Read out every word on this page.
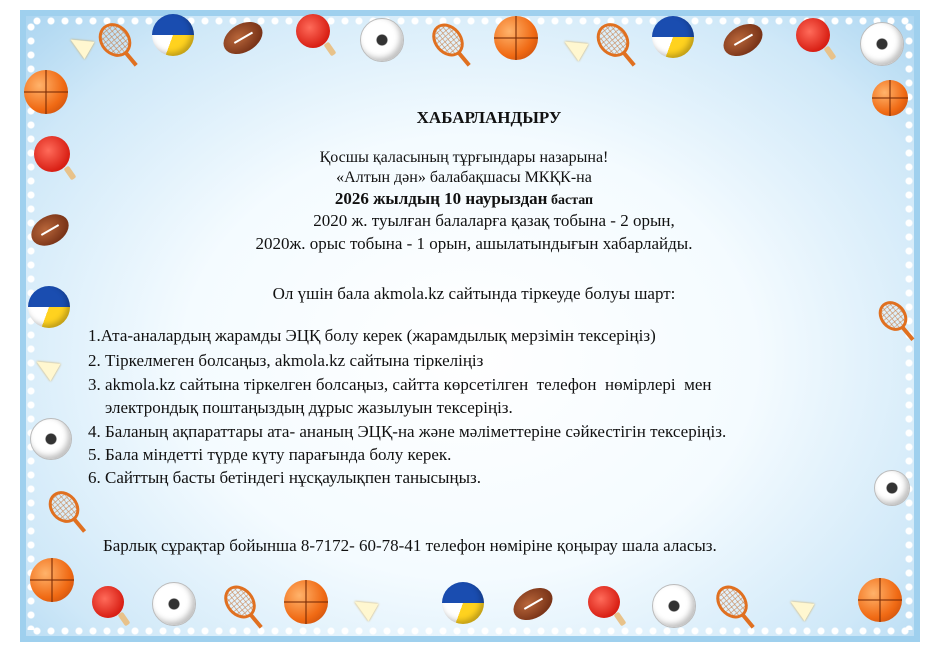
ХАБАРЛАНДЫРУ
Қосшы қаласының тұрғындары назарына!
«Алтын дән» балабақшасы МКҚК-на
2026 жылдың 10 наурыздан бастап
2020 ж. туылған балаларға қазақ тобына - 2 орын,
2020ж. орыс тобына - 1 орын, ашылатындығын хабарлайды.
Ол үшін бала akmola.kz сайтында тіркеуде болуы шарт:
1.Ата-аналардың жарамды ЭЦҚ болу керек (жарамдылық мерзімін тексеріңіз)
2. Тіркелмеген болсаңыз, akmola.kz сайтына тіркеліңіз
3. akmola.kz сайтына тіркелген болсаңыз, сайтта көрсетілген  телефон  нөмірлері  мен
электрондық поштаңыздың дұрыс жазылуын тексеріңіз.
4. Баланың ақпараттары ата- ананың ЭЦҚ-на және мәліметтеріне сәйкестігін тексеріңіз.
5. Бала міндетті түрде күту парағында болу керек.
6. Сайттың басты бетіндегі нұсқаулықпен танысыңыз.
Барлық сұрақтар бойынша 8-7172- 60-78-41 телефон нөміріне қоңырау шала аласыз.
